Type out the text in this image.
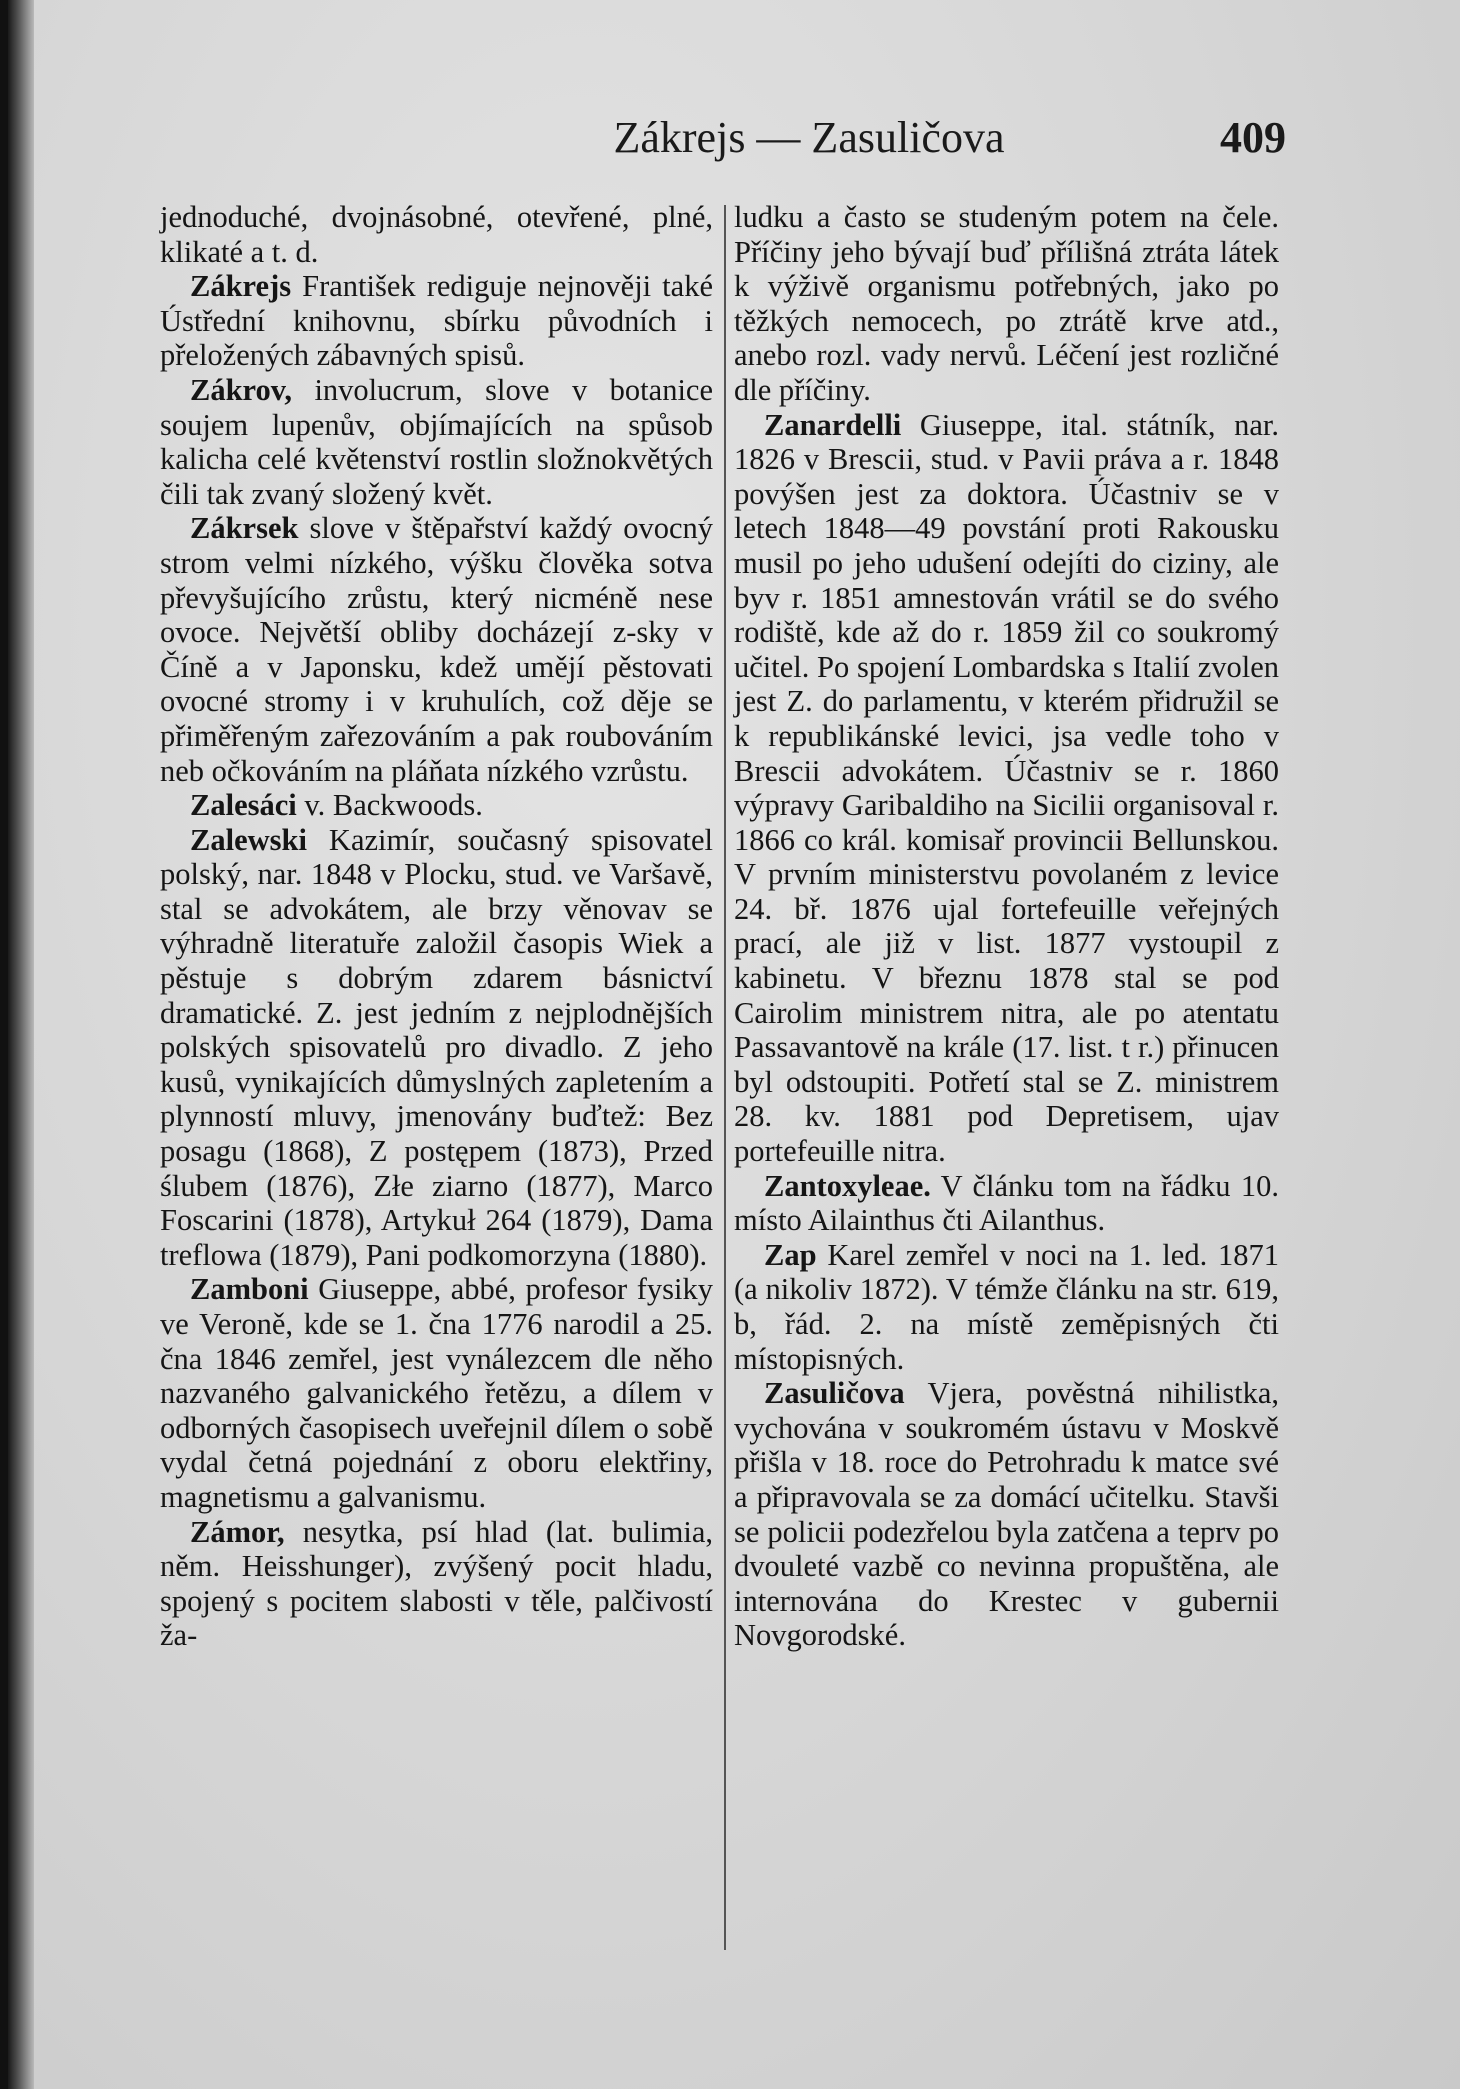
Zákrejs — Zasuličova	409

jednoduché, dvojnásobné, otevřené, plné, klikaté a t. d.

Zákrejs František rediguje nejnověji také Ústřední knihovnu, sbírku původních i přeložených zábavných spisů.

Zákrov, involucrum, slove v botanice soujem lupenův, objímajících na spůsob kalicha celé květenství rostlin složnokvětých čili tak zvaný složený květ.

Zákrsek slove v štěpařství každý ovocný strom velmi nízkého, výšku člověka sotva převyšujícího zrůstu, který nicméně nese ovoce. Největší obliby docházejí z-sky v Číně a v Japonsku, kdež umějí pěstovati ovocné stromy i v kruhulích, což děje se přiměřeným zařezováním a pak roubováním neb očkováním na pláňata nízkého vzrůstu.

Zalesáci v. Backwoods.

Zalewski Kazimír, současný spisovatel polský, nar. 1848 v Plocku, stud. ve Varšavě, stal se advokátem, ale brzy věnovav se výhradně literatuře založil časopis Wiek a pěstuje s dobrým zdarem básnictví dramatické. Z. jest jedním z nejplodnějších polských spisovatelů pro divadlo. Z jeho kusů, vynikajících důmyslných zapletením a plynností mluvy, jmenovány buďtež: Bez posagu (1868), Z postępem (1873), Przed ślubem (1876), Złe ziarno (1877), Marco Foscarini (1878), Artykuł 264 (1879), Dama treflowa (1879), Pani podkomorzyna (1880).

Zamboni Giuseppe, abbé, profesor fysiky ve Veroně, kde se 1. čna 1776 narodil a 25. čna 1846 zemřel, jest vynálezcem dle něho nazvaného galvanického řetězu, a dílem v odborných časopisech uveřejnil dílem o sobě vydal četná pojednání z oboru elektřiny, magnetismu a galvanismu.

Zámor, nesytka, psí hlad (lat. bulimia, něm. Heisshunger), zvýšený pocit hladu, spojený s pocitem slabosti v těle, palčivostí ža-

ludku a často se studeným potem na čele. Příčiny jeho bývají buď přílišná ztráta látek k výživě organismu potřebných, jako po těžkých nemocech, po ztrátě krve atd., anebo rozl. vady nervů. Léčení jest rozličné dle příčiny.

Zanardelli Giuseppe, ital. státník, nar. 1826 v Brescii, stud. v Pavii práva a r. 1848 povýšen jest za doktora. Účastniv se v letech 1848—49 povstání proti Rakousku musil po jeho udušení odejíti do ciziny, ale byv r. 1851 amnestován vrátil se do svého rodiště, kde až do r. 1859 žil co soukromý učitel. Po spojení Lombardska s Italií zvolen jest Z. do parlamentu, v kterém přidružil se k republikánské levici, jsa vedle toho v Brescii advokátem. Účastniv se r. 1860 výpravy Garibaldiho na Sicilii organisoval r. 1866 co král. komisař provincii Bellunskou. V prvním ministerstvu povolaném z levice 24. bř. 1876 ujal fortefeuille veřejných prací, ale již v list. 1877 vystoupil z kabinetu. V březnu 1878 stal se pod Cairolim ministrem nitra, ale po atentatu Passavantově na krále (17. list. t r.) přinucen byl odstoupiti. Potřetí stal se Z. ministrem 28. kv. 1881 pod Depretisem, ujav portefeuille nitra.

Zantoxyleae. V článku tom na řádku 10. místo Ailainthus čti Ailanthus.

Zap Karel zemřel v noci na 1. led. 1871 (a nikoliv 1872). V témže článku na str. 619, b, řád. 2. na místě zeměpisných čti místopisných.

Zasuličova Vjera, pověstná nihilistka, vychována v soukromém ústavu v Moskvě přišla v 18. roce do Petrohradu k matce své a připravovala se za domácí učitelku. Stavši se policii podezřelou byla zatčena a teprv po dvouleté vazbě co nevinna propuštěna, ale internována do Krestec v gubernii Novgorodské.
